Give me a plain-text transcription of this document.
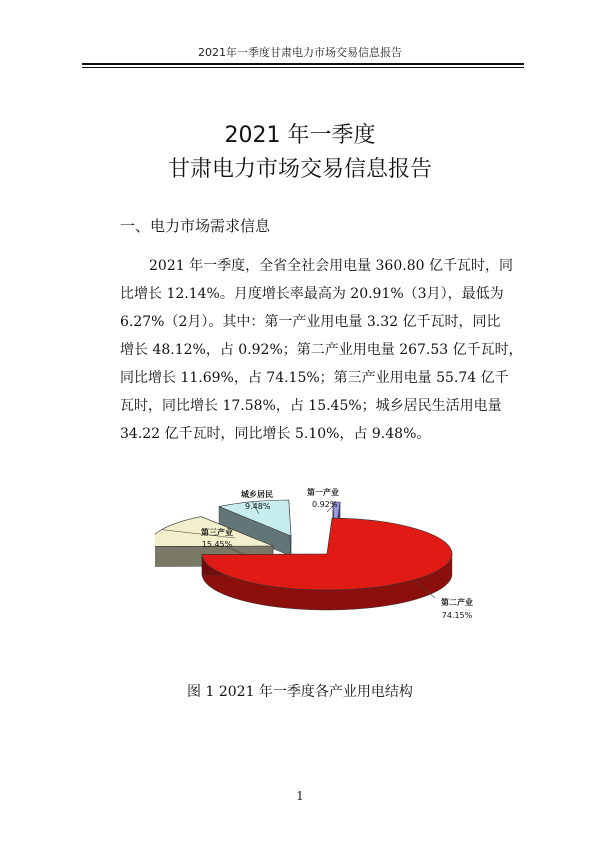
2021年一季度甘肃电力市场交易信息报告
2021 年一季度
甘肃电力市场交易信息报告
一、电力市场需求信息
2021 年一季度，全省全社会用电量 360.80 亿千瓦时，同
比增长 12.14%。月度增长率最高为 20.91%（3月），最低为
6.27%（2月）。其中：第一产业用电量 3.32 亿千瓦时，同比
增长 48.12%，占 0.92%；第二产业用电量 267.53 亿千瓦时，
同比增长 11.69%，占 74.15%；第三产业用电量 55.74 亿千
瓦时，同比增长 17.58%，占 15.45%；城乡居民生活用电量
34.22 亿千瓦时，同比增长 5.10%，占 9.48%。
第一产业
0.92%
城乡居民
9.48%
第三产业
15.45%
第二产业
74.15%
图 1 2021 年一季度各产业用电结构
1
